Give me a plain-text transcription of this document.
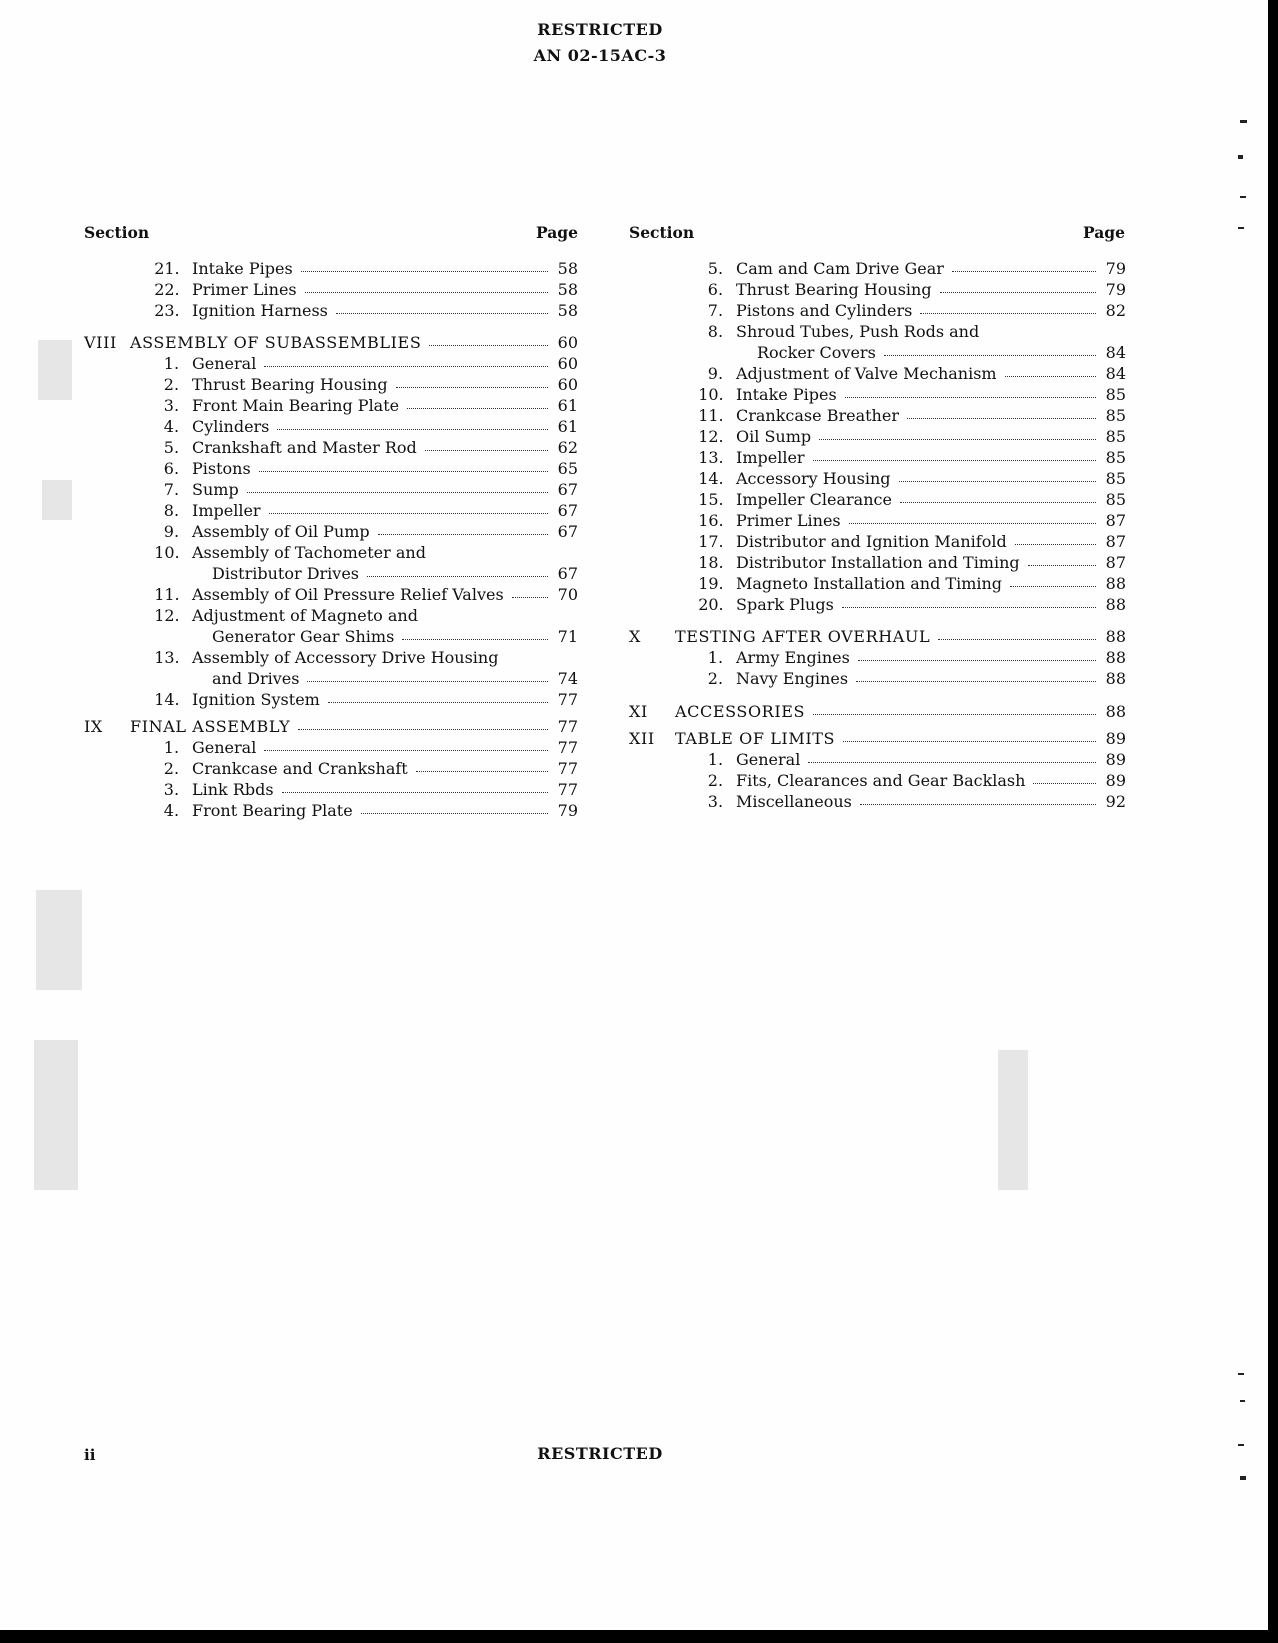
RESTRICTED
AN 02-15AC-3
Section	Page	Section	Page
21. Intake Pipes	58
22. Primer Lines	58
23. Ignition Harness	58
VIII ASSEMBLY OF SUBASSEMBLIES	60
1. General	60
2. Thrust Bearing Housing	60
3. Front Main Bearing Plate	61
4. Cylinders	61
5. Crankshaft and Master Rod	62
6. Pistons	65
7. Sump	67
8. Impeller	67
9. Assembly of Oil Pump	67
10. Assembly of Tachometer and
Distributor Drives	67
11. Assembly of Oil Pressure Relief Valves	70
12. Adjustment of Magneto and
Generator Gear Shims	71
13. Assembly of Accessory Drive Housing
and Drives	74
14. Ignition System	77
IX FINAL ASSEMBLY	77
1. General	77
2. Crankcase and Crankshaft	77
3. Link Rbds	77
4. Front Bearing Plate	79
5. Cam and Cam Drive Gear	79
6. Thrust Bearing Housing	79
7. Pistons and Cylinders	82
8. Shroud Tubes, Push Rods and
Rocker Covers	84
9. Adjustment of Valve Mechanism	84
10. Intake Pipes	85
11. Crankcase Breather	85
12. Oil Sump	85
13. Impeller	85
14. Accessory Housing	85
15. Impeller Clearance	85
16. Primer Lines	87
17. Distributor and Ignition Manifold	87
18. Distributor Installation and Timing	87
19. Magneto Installation and Timing	88
20. Spark Plugs	88
X TESTING AFTER OVERHAUL	88
1. Army Engines	88
2. Navy Engines	88
XI ACCESSORIES	88
XII TABLE OF LIMITS	89
1. General	89
2. Fits, Clearances and Gear Backlash	89
3. Miscellaneous	92
ii	RESTRICTED
